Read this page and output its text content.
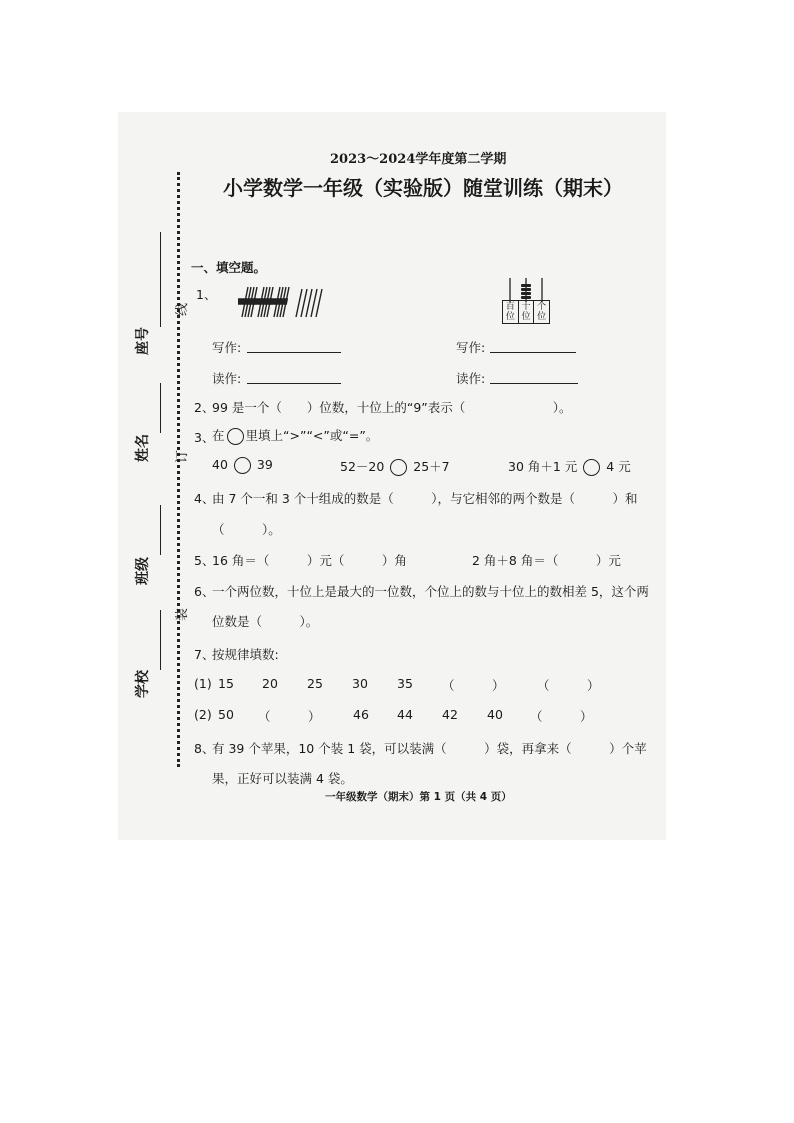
2023～2024学年度第二学期
小学数学一年级（实验版）随堂训练（期末）
线
订
装
座号
姓名
班级
学校
一、填空题。
1、
百位
十位
个位
写作:
读作:
写作:
读作:
2、
99 是一个（　　）位数，十位上的“9”表示（　　　　　　　）。
3、
在 里填上“>”“<”或“=”。
40 39	52－20 25＋7	30 角＋1 元 4 元
4、
由 7 个一和 3 个十组成的数是（　　　），与它相邻的两个数是（　　　）和
（　　　）。
5、
16 角＝（　　　）元（　　　）角	2 角＋8 角＝（　　　）元
6、
一个两位数，十位上是最大的一位数，个位上的数与十位上的数相差 5，这个两
位数是（　　　）。
7、
按规律填数:
(1) 15 20 25 30 35 （　　　）	（　　　）
(2) 50 （　　　）	46 44 42 40 （　　　）
8、
有 39 个苹果，10 个装 1 袋，可以装满（　　　）袋，再拿来（　　　）个苹
果，正好可以装满 4 袋。
一年级数学（期末）第 1 页（共 4 页）
